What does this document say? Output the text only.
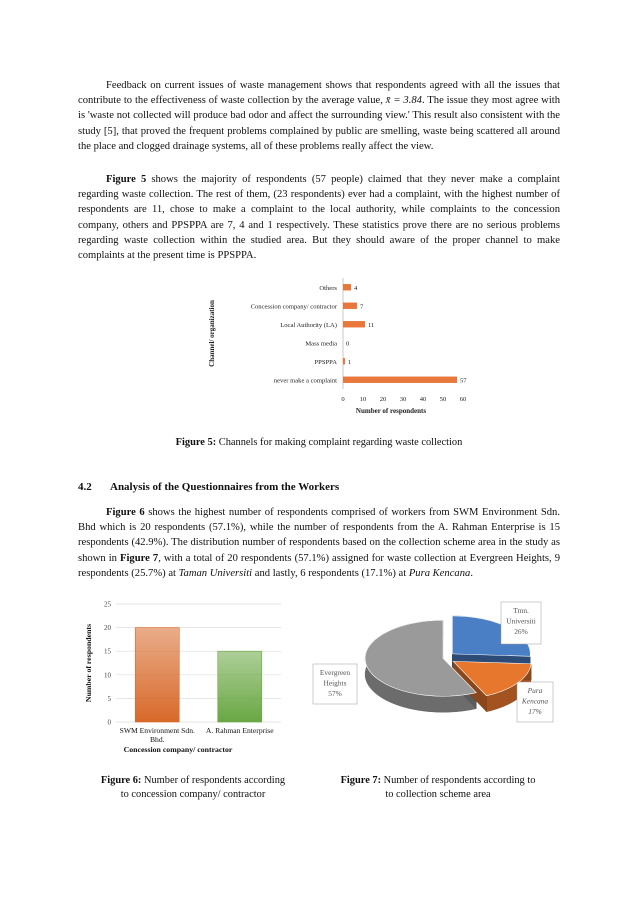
Feedback on current issues of waste management shows that respondents agreed with all the issues that contribute to the effectiveness of waste collection by the average value, x̄ = 3.84. The issue they most agree with is 'waste not collected will produce bad odor and affect the surrounding view.' This result also consistent with the study [5], that proved the frequent problems complained by public are smelling, waste being scattered all around the place and clogged drainage systems, all of these problems really affect the view.

Figure 5 shows the majority of respondents (57 people) claimed that they never make a complaint regarding waste collection. The rest of them, (23 respondents) ever had a complaint, with the highest number of respondents are 11, chose to make a complaint to the local authority, while complaints to the concession company, others and PPSPPA are 7, 4 and 1 respectively. These statistics prove there are no serious problems regarding waste collection within the studied area. But they should aware of the proper channel to make complaints at the present time is PPSPPA.

Others	4
Concession company/ contractor	7
Local Authority (LA)	11
Mass media 0
PPSPPA 1
never make a complaint	57
0 10 20 30 40 50 60
Number of respondents
Channel/ organization
Figure 5: Channels for making complaint regarding waste collection
4.2 Analysis of the Questionnaires from the Workers

Figure 6 shows the highest number of respondents comprised of workers from SWM Environment Sdn. Bhd which is 20 respondents (57.1%), while the number of respondents from the A. Rahman Enterprise is 15 respondents (42.9%). The distribution number of respondents based on the collection scheme area in the study as shown in Figure 7, with a total of 20 respondents (57.1%) assigned for waste collection at Evergreen Heights, 9 respondents (25.7%) at Taman Universiti and lastly, 6 respondents (17.1%) at Pura Kencana.

0
5
10
15
20
25
SWM Environment Sdn.
Bhd.
A. Rahman Enterprise
Concession company/ contractor
Number of respondents
Tmn.
Universiti
26%
Pura
Kencana
17%
Evergreen
Heights
57%
Figure 6: Number of respondents according
to concession company/ contractor
Figure 7: Number of respondents according to
to collection scheme area
